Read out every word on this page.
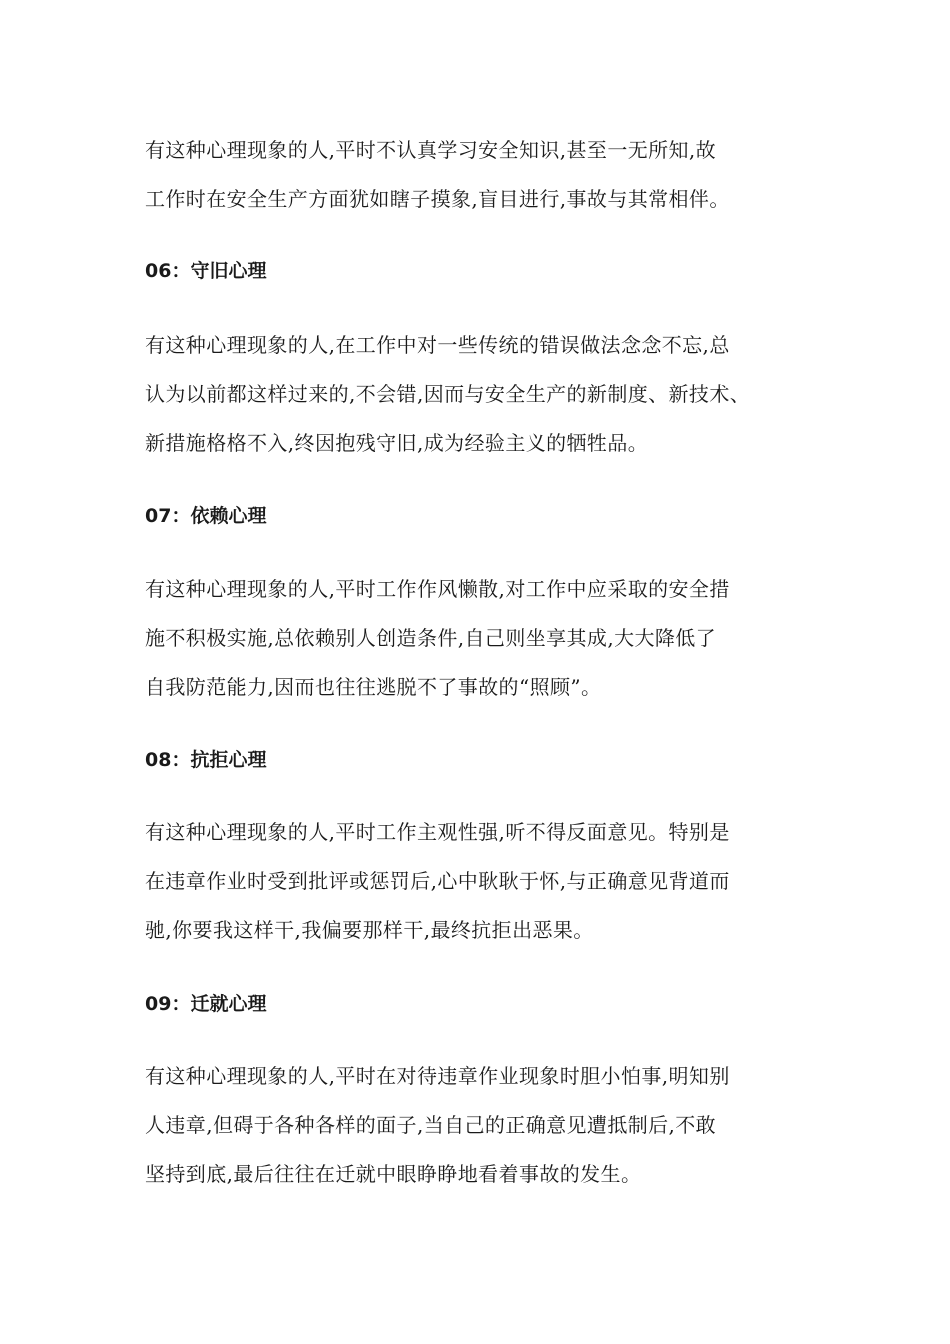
有这种心理现象的人,平时不认真学习安全知识,甚至一无所知,故
工作时在安全生产方面犹如瞎子摸象,盲目进行,事故与其常相伴。

06：守旧心理

有这种心理现象的人,在工作中对一些传统的错误做法念念不忘,总
认为以前都这样过来的,不会错,因而与安全生产的新制度、新技术、
新措施格格不入,终因抱残守旧,成为经验主义的牺牲品。

07：依赖心理

有这种心理现象的人,平时工作作风懒散,对工作中应采取的安全措
施不积极实施,总依赖别人创造条件,自己则坐享其成,大大降低了
自我防范能力,因而也往往逃脱不了事故的“照顾”。

08：抗拒心理

有这种心理现象的人,平时工作主观性强,听不得反面意见。特别是
在违章作业时受到批评或惩罚后,心中耿耿于怀,与正确意见背道而
驰,你要我这样干,我偏要那样干,最终抗拒出恶果。

09：迁就心理

有这种心理现象的人,平时在对待违章作业现象时胆小怕事,明知别
人违章,但碍于各种各样的面子,当自己的正确意见遭抵制后,不敢
坚持到底,最后往往在迁就中眼睁睁地看着事故的发生。
